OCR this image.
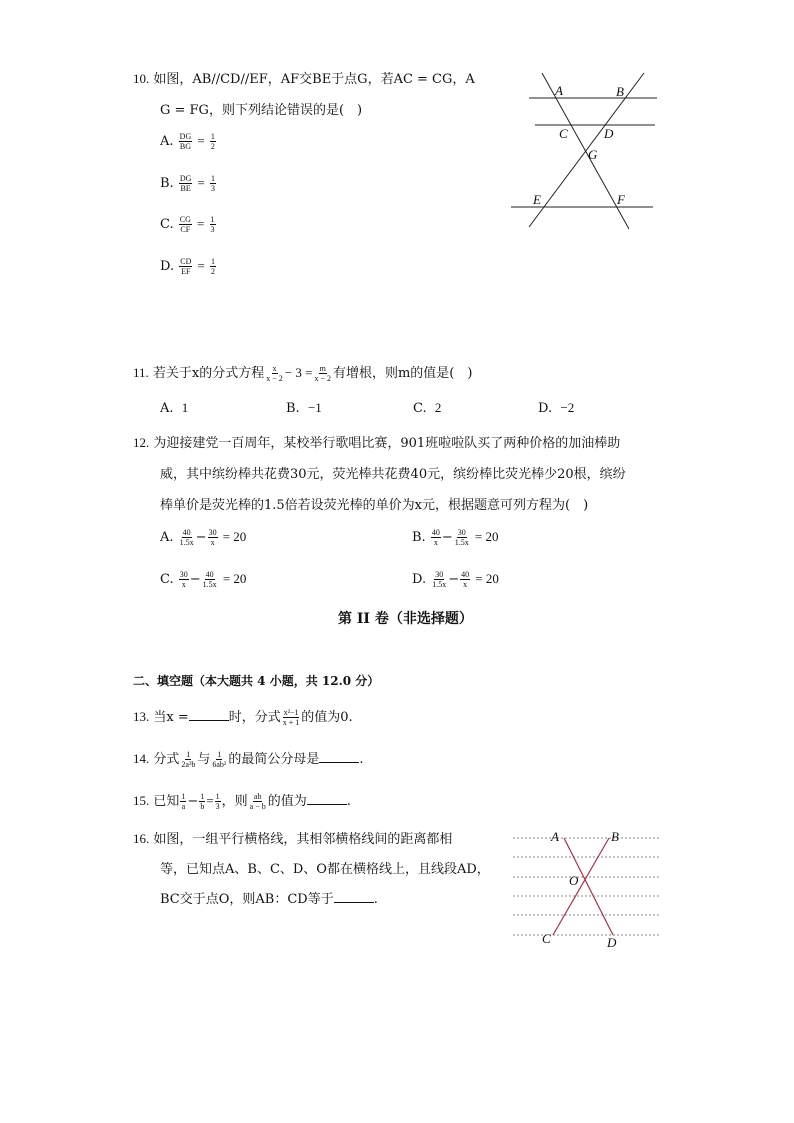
10. 如图，AB//CD//EF，AF交BE于点G，若AC = CG，A
G = FG，则下列结论错误的是(　)
A. $\frac{DG}{BG} = \frac{1}{2}$
B. $\frac{DG}{BE} = \frac{1}{3}$
C. $\frac{CG}{CF} = \frac{1}{3}$
D. $\frac{CD}{EF} = \frac{1}{2}$
A	B
C	D
G
E	F
11. 若关于x的分式方程 $\frac{x}{x - 2} - 3 = \frac{m}{x - 2}$ 有增根，则m的值是(　)
A. 1	B. −1	C. 2	D. −2
12. 为迎接建党一百周年，某校举行歌唱比赛，901班啦啦队买了两种价格的加油棒助
威，其中缤纷棒共花费30元，荧光棒共花费40元，缤纷棒比荧光棒少20根，缤纷
棒单价是荧光棒的1.5倍若设荧光棒的单价为x元，根据题意可列方程为(　)
A. $\frac{40}{1.5x} - \frac{30}{x} = 20$	B. $\frac{40}{x} - \frac{30}{1.5x} = 20$
C. $\frac{30}{x} - \frac{40}{1.5x} = 20$	D. $\frac{30}{1.5x} - \frac{40}{x} = 20$
第 II 卷（非选择题）
二、填空题（本大题共 4 小题，共 12.0 分）
13. 当x =	时，分式 $\frac{\text{x²−1}}{x + 1}$ 的值为0.
14. 分式 $\frac{1}{\text{2a²b}}$ 与 $\frac{1}{\text{6ab²}}$ 的最简公分母是	.
15. 已知 $\frac{1}{a} - \frac{1}{b} = \frac{1}{3}$ ，则 $\frac{ab}{a - b}$ 的值为	.
16. 如图，一组平行横格线，其相邻横格线间的距离都相
等，已知点A、B、C、D、O都在横格线上，且线段AD，
BC交于点O，则AB：CD等于	.
A	B
O
C	D
